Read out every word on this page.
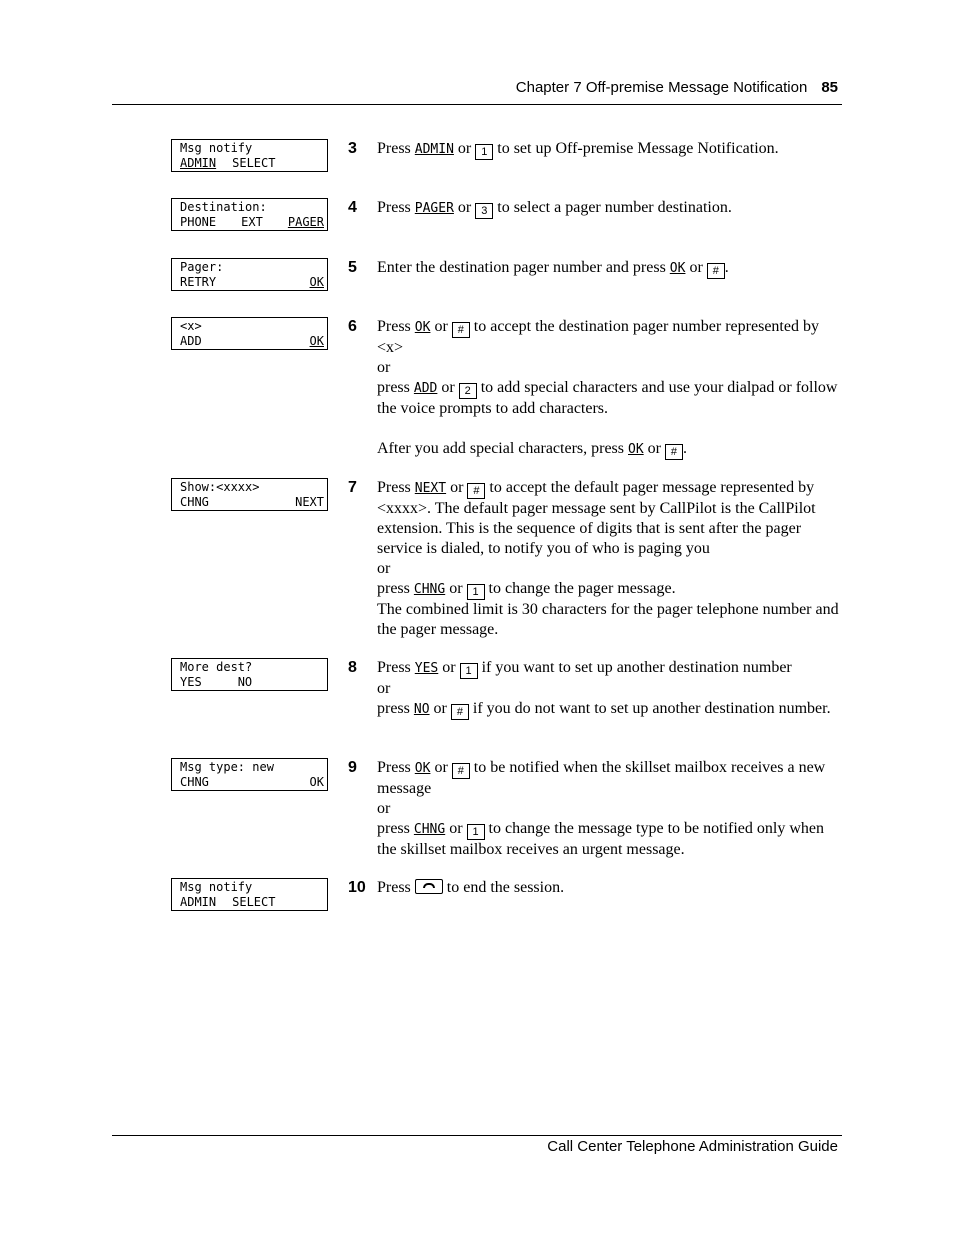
Chapter 7 Off-premise Message Notification 85
Msg notify
ADMIN SELECT
3 Press ADMIN or 1 to set up Off-premise Message Notification.

Destination:
PHONE EXT PAGER
4 Press PAGER or 3 to select a pager number destination.

Pager:
RETRY	OK
5 Enter the destination pager number and press OK or # .

<x>
ADD	OK
6 Press OK or # to accept the destination pager number represented by <x>

or

press ADD or 2 to add special characters and use your dialpad or follow the voice prompts to add characters.

After you add special characters, press OK or # .

Show:<xxxx>
CHNG	NEXT
7 Press NEXT or # to accept the default pager message represented by <xxxx>. The default pager message sent by CallPilot is the CallPilot extension. This is the sequence of digits that is sent after the pager service is dialed, to notify you of who is paging you

or

press CHNG or 1 to change the pager message.

The combined limit is 30 characters for the pager telephone number and the pager message.

More dest?
YES	NO
8 Press YES or 1 if you want to set up another destination number

or

press NO or # if you do not want to set up another destination number.

Msg type: new
CHNG	OK
9 Press OK or # to be notified when the skillset mailbox receives a new message

or

press CHNG or 1 to change the message type to be notified only when the skillset mailbox receives an urgent message.

Msg notify
ADMIN SELECT
10 Press to end the session.

Call Center Telephone Administration Guide
